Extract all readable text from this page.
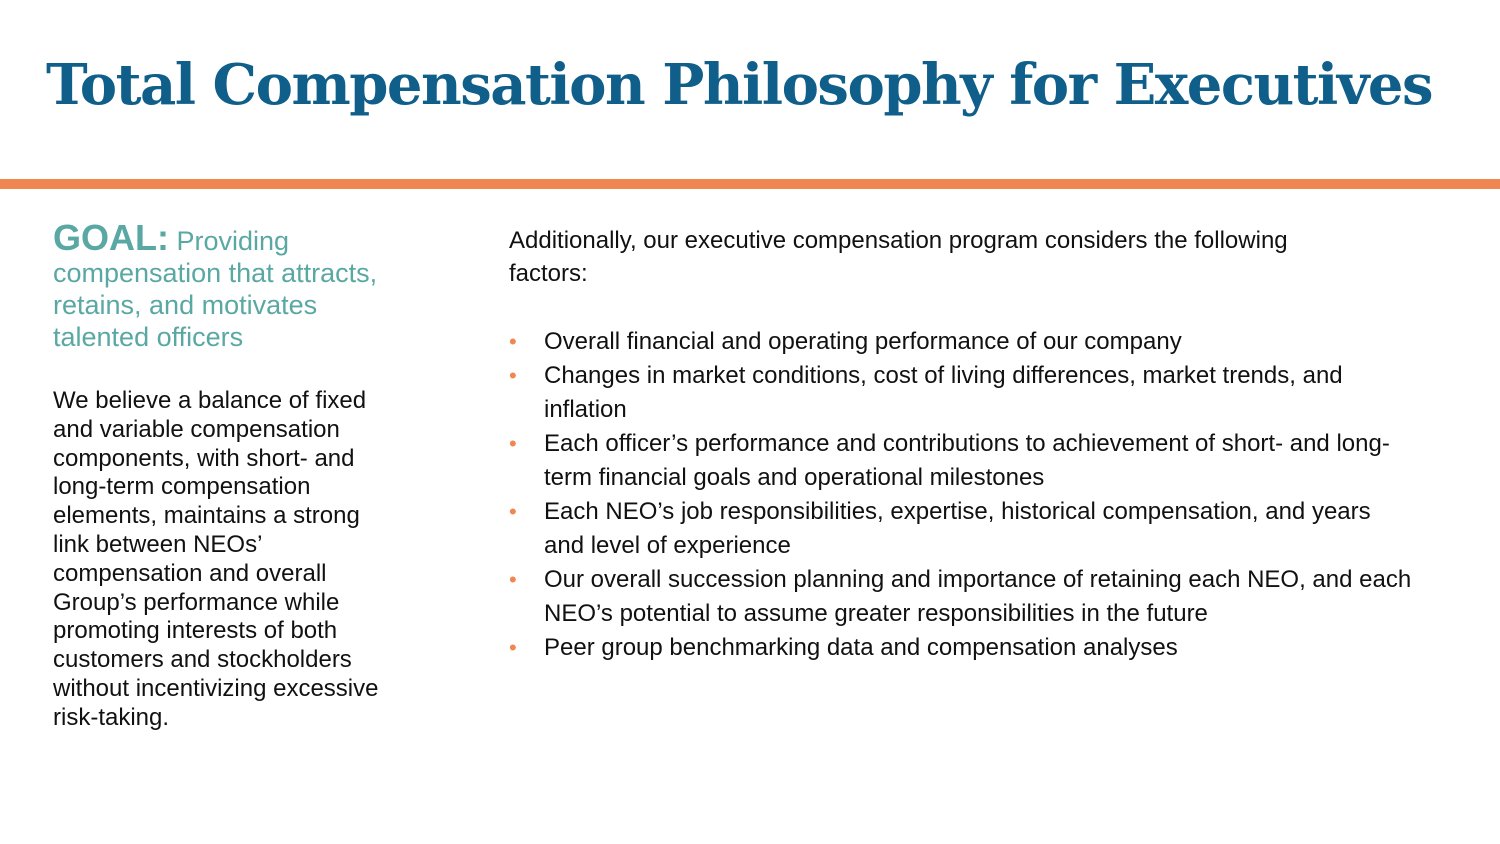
Total Compensation Philosophy for Executives

GOAL: Providing compensation that attracts, retains, and motivates talented officers

We believe a balance of fixed and variable compensation components, with short- and long-term compensation elements, maintains a strong link between NEOs’ compensation and overall Group’s performance while promoting interests of both customers and stockholders without incentivizing excessive risk-taking.

Additionally, our executive compensation program considers the following factors:

• Overall financial and operating performance of our company
• Changes in market conditions, cost of living differences, market trends, and inflation
• Each officer’s performance and contributions to achievement of short- and long-term financial goals and operational milestones
• Each NEO’s job responsibilities, expertise, historical compensation, and years and level of experience
• Our overall succession planning and importance of retaining each NEO, and each NEO’s potential to assume greater responsibilities in the future
• Peer group benchmarking data and compensation analyses
